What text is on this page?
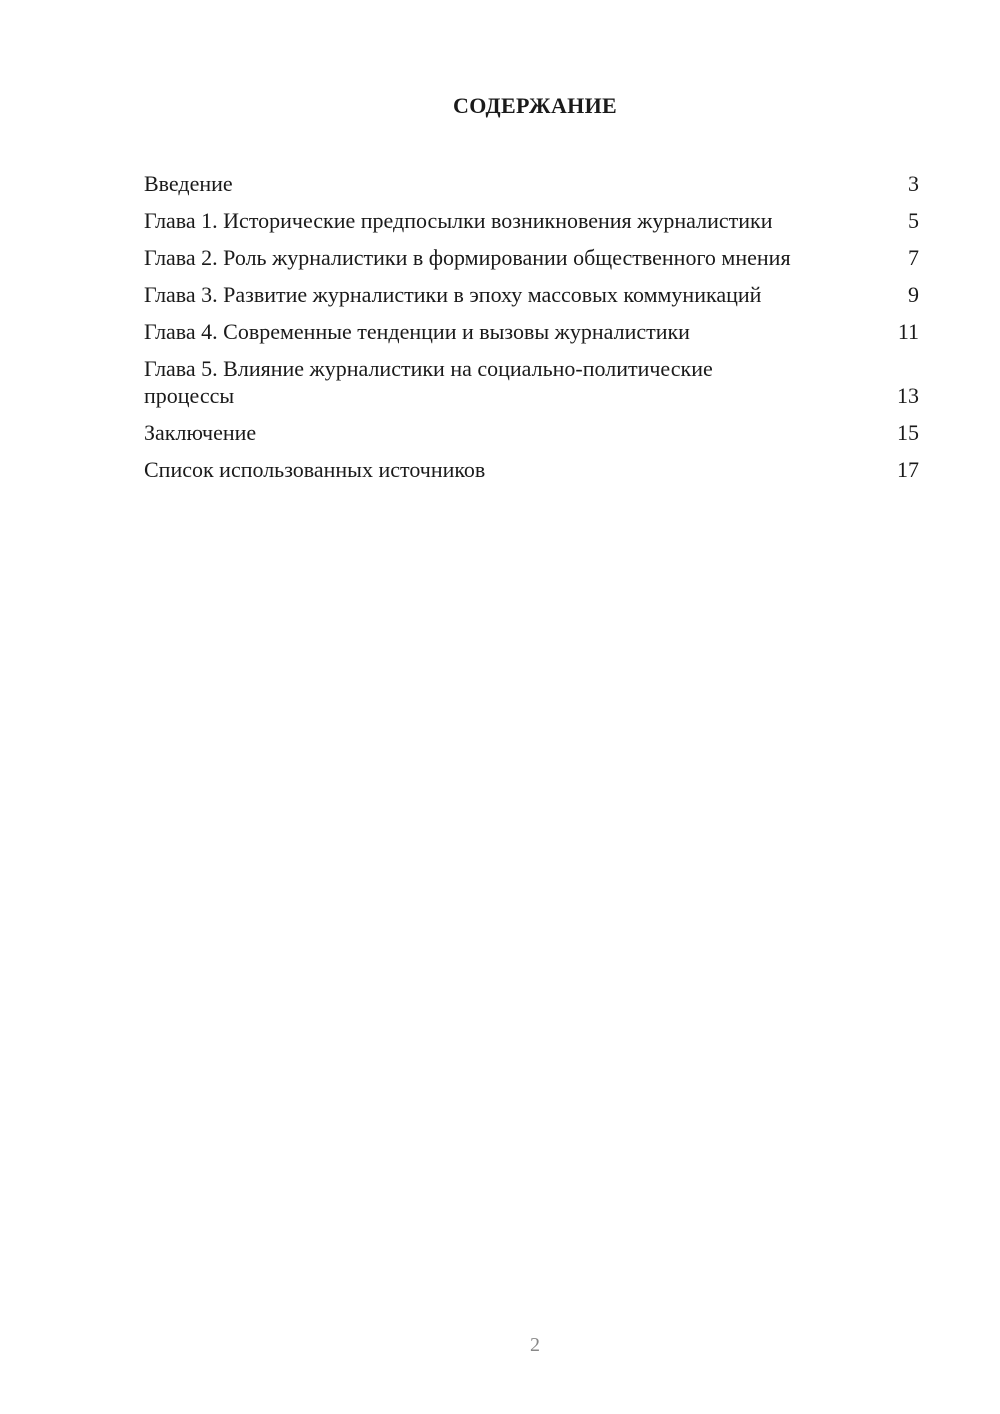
СОДЕРЖАНИЕ
Введение	3
Глава 1. Исторические предпосылки возникновения журналистики	5
Глава 2. Роль журналистики в формировании общественного мнения	7
Глава 3. Развитие журналистики в эпоху массовых коммуникаций	9
Глава 4. Современные тенденции и вызовы журналистики	11
Глава 5. Влияние журналистики на социально-политические процессы	13
Заключение	15
Список использованных источников	17
2
